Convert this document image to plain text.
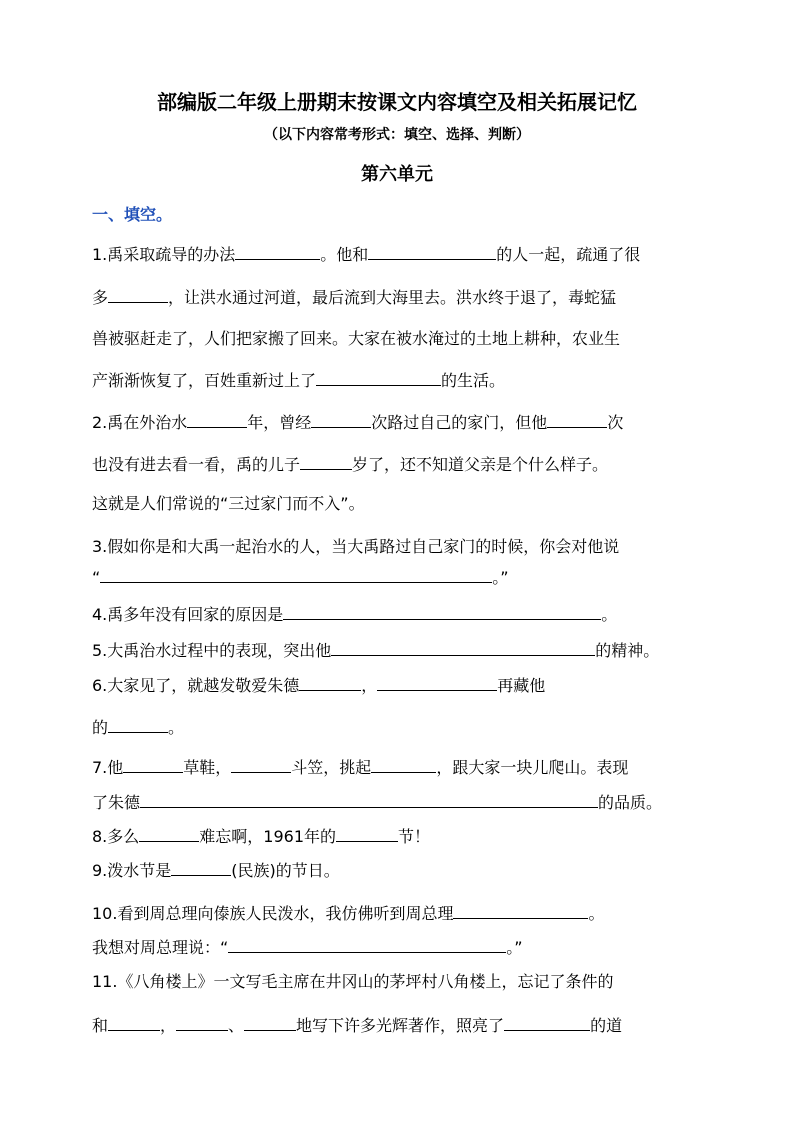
部编版二年级上册期末按课文内容填空及相关拓展记忆
（以下内容常考形式：填空、选择、判断）
第六单元
一、填空。
1.禹采取疏导的办法	。他和	的人一起，疏通了很
多	，让洪水通过河道，最后流到大海里去。洪水终于退了，毒蛇猛
兽被驱赶走了，人们把家搬了回来。大家在被水淹过的土地上耕种，农业生
产渐渐恢复了，百姓重新过上了	的生活。
2.禹在外治水	年，曾经	次路过自己的家门，但他	次
也没有进去看一看，禹的儿子	岁了，还不知道父亲是个什么样子。
这就是人们常说的“三过家门而不入”。
3.假如你是和大禹一起治水的人，当大禹路过自己家门的时候，你会对他说
“	。”
4.禹多年没有回家的原因是	。
5.大禹治水过程中的表现，突出他	的精神。
6.大家见了，就越发敬爱朱德	，	再藏他
的	。
7.他	草鞋，	斗笠，挑起	，跟大家一块儿爬山。表现
了朱德	的品质。
8.多么	难忘啊，1961年的	节！
9.泼水节是	(民族)的节日。
10.看到周总理向傣族人民泼水，我仿佛听到周总理	。
我想对周总理说：“	。”
11.《八角楼上》一文写毛主席在井冈山的茅坪村八角楼上，忘记了条件的
和	，	、	地写下许多光辉著作，照亮了	的道
